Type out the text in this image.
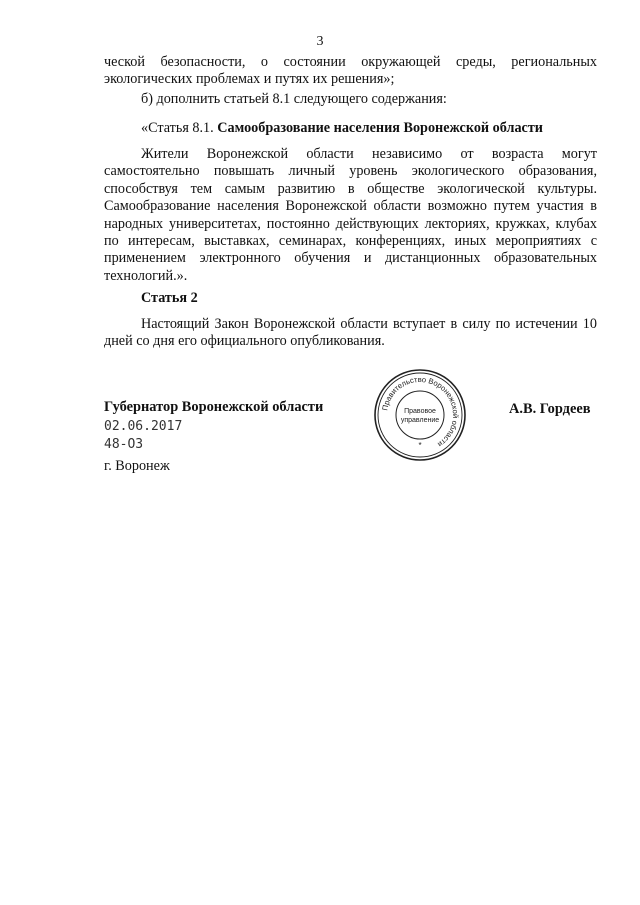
3
ческой безопасности, о состоянии окружающей среды, региональных экологических проблемах и путях их решения»;
б) дополнить статьей 8.1 следующего содержания:
«Статья 8.1. Самообразование населения Воронежской области
Жители Воронежской области независимо от возраста могут самостоятельно повышать личный уровень экологического образования, способствуя тем самым развитию в обществе экологической культуры. Самообразование населения Воронежской области возможно путем участия в народных университетах, постоянно действующих лекториях, кружках, клубах по интересам, выставках, семинарах, конференциях, иных мероприятиях с применением электронного обучения и дистанционных образовательных технологий.».
Статья 2
Настоящий Закон Воронежской области вступает в силу по истечении 10 дней со дня его официального опубликования.
Губернатор Воронежской области	Правительство Воронежской области
Правовое
управление
*
А.В. Гордеев
02.06.2017
48-ОЗ
г. Воронеж
